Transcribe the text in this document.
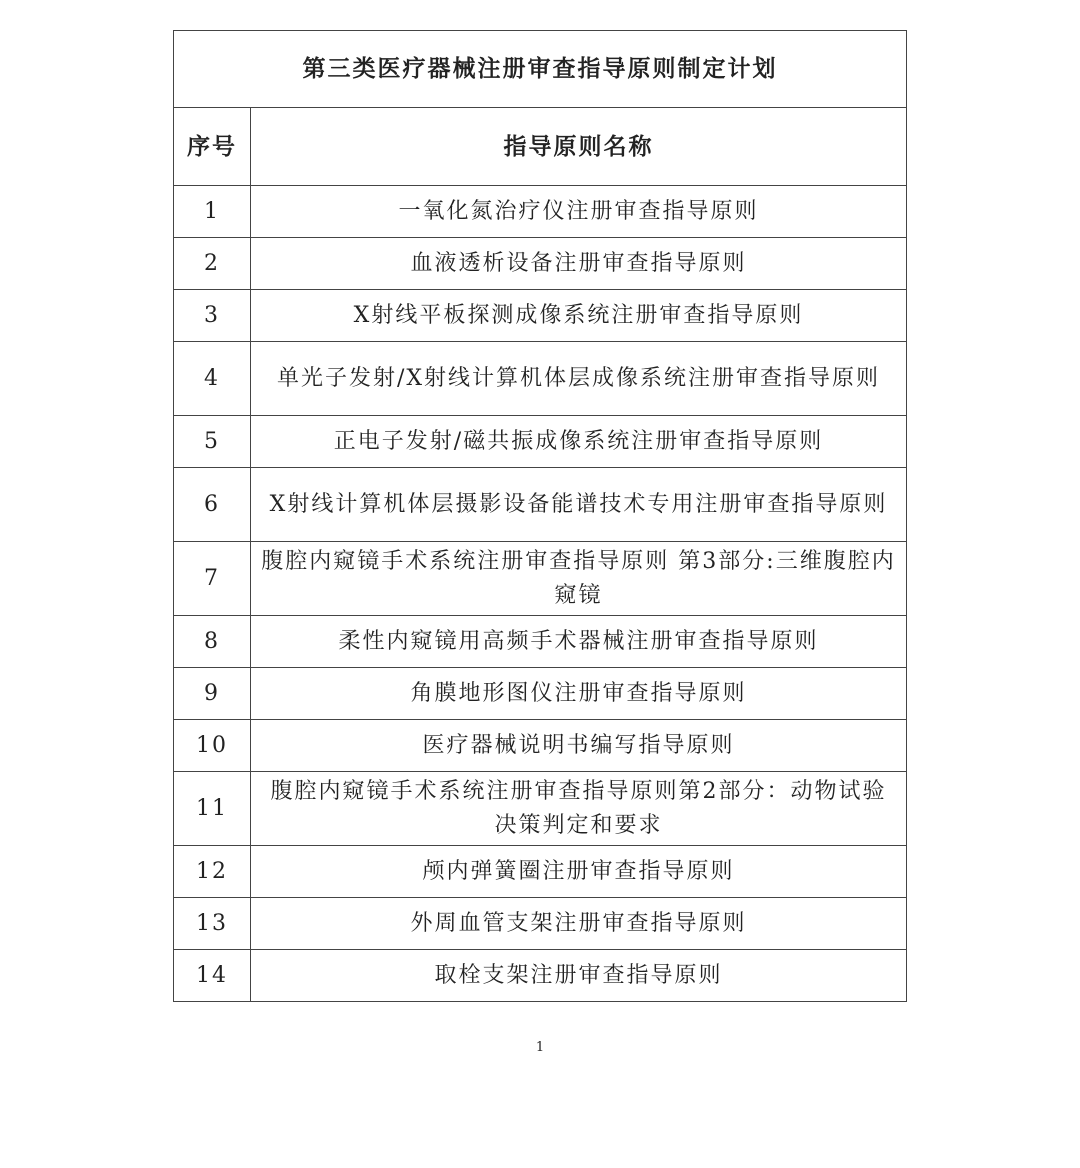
第三类医疗器械注册审查指导原则制定计划	
序号	指导原则名称
1	一氧化氮治疗仪注册审查指导原则
2	血液透析设备注册审查指导原则
3	X射线平板探测成像系统注册审查指导原则
4	单光子发射/X射线计算机体层成像系统注册审查指导原则
5	正电子发射/磁共振成像系统注册审查指导原则
6	X射线计算机体层摄影设备能谱技术专用注册审查指导原则
7	腹腔内窥镜手术系统注册审查指导原则 第3部分:三维腹腔内窥镜
8	柔性内窥镜用高频手术器械注册审查指导原则
9	角膜地形图仪注册审查指导原则
10	医疗器械说明书编写指导原则
11	腹腔内窥镜手术系统注册审查指导原则第2部分：动物试验决策判定和要求
12	颅内弹簧圈注册审查指导原则
13	外周血管支架注册审查指导原则
14	取栓支架注册审查指导原则
1
